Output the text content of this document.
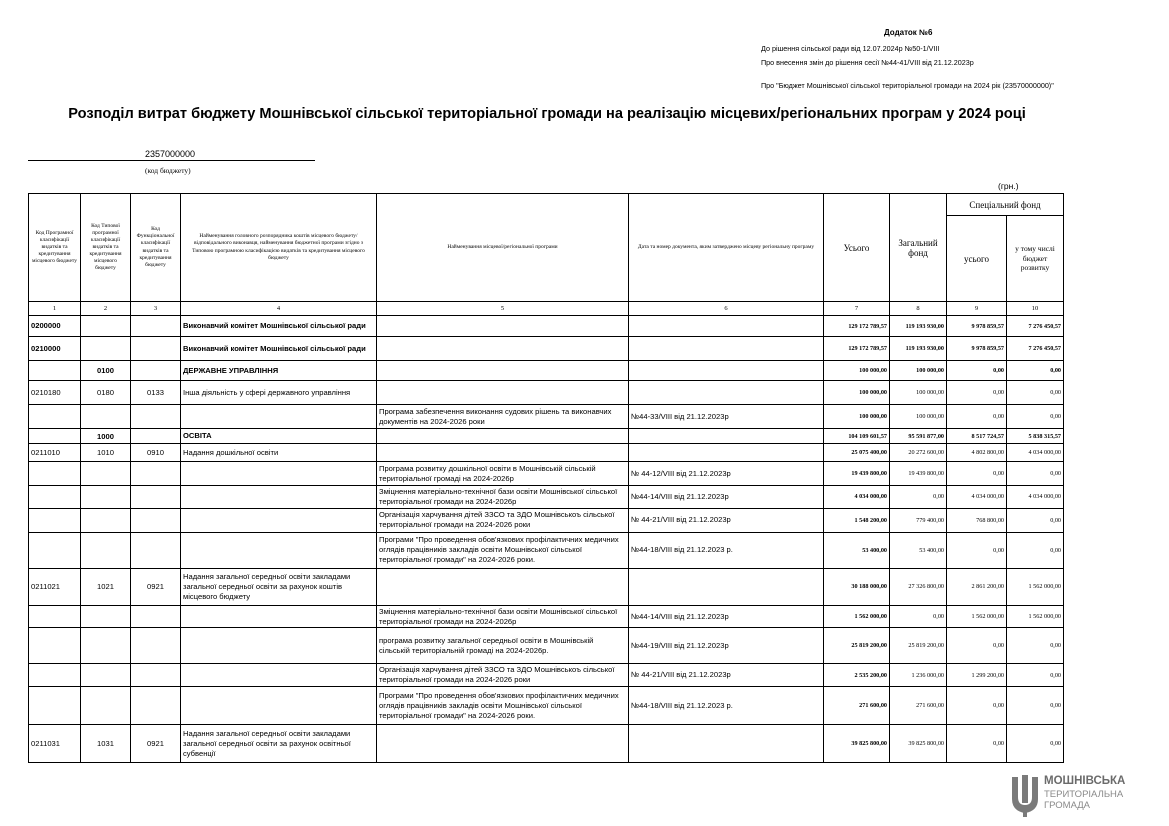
Додаток №6
До рішення сільської ради від 12.07.2024р №50-1/VIII
Про внесення змін до рішення сесії №44-41/VIII від 21.12.2023р
Про "Бюджет Мошнівської сільської територіальної громади на 2024 рік (23570000000)"
Розподіл витрат бюджету Мошнівської сільської територіальної громади на реалізацію місцевих/регіональних програм у 2024 році
2357000000
(код бюджету)
(грн.)
Код Програмної класифікації видатків та кредитування місцевого бюджету	Код Типової програмної класифікації видатків та кредитування місцевого бюджету	Код Функціональної класифікації видатків та кредитування бюджету	Найменування головного розпорядника коштів місцевого бюджету/ відповідального виконавця, найменування бюджетної програми згідно з Типовою програмною класифікацією видатків та кредитування місцевого бюджету	Найменування місцевої/регіональної програми	Дата та номер документа, яким затверджено місцеву регіональну програму	Усього	Загальний фонд	Спеціальний фонд	
								усього	у тому числі бюджет розвитку
1	2	3	4	5	6	7	8	9	10
0200000			Виконавчий комітет Мошнівської сільської ради			129 172 789,57	119 193 930,00	9 978 859,57	7 276 450,57
0210000			Виконавчий комітет Мошнівської сільської ради			129 172 789,57	119 193 930,00	9 978 859,57	7 276 450,57
	0100		ДЕРЖАВНЕ УПРАВЛІННЯ			100 000,00	100 000,00	0,00	0,00
0210180	0180	0133	Інша діяльність у сфері державного управління			100 000,00	100 000,00	0,00	0,00
				Програма забезпечення виконання судових рішень та виконавчих документів на 2024-2026 роки	№44-33/VIII від 21.12.2023р	100 000,00	100 000,00	0,00	0,00
	1000		ОСВІТА			104 109 601,57	95 591 877,00	8 517 724,57	5 838 315,57
0211010	1010	0910	Надання дошкільної освіти			25 075 400,00	20 272 600,00	4 802 800,00	4 034 000,00
				Програма розвитку дошкільної освіти в Мошнівській сільській територіальної громаді на 2024-2026р	№ 44-12/VIII від 21.12.2023р	19 439 800,00	19 439 800,00	0,00	0,00
				Зміцнення матеріально-технічної бази освіти Мошнівської сільської територіальної громади на 2024-2026р	№44-14/VIII від 21.12.2023р	4 034 000,00	0,00	4 034 000,00	4 034 000,00
				Організація харчування дітей ЗЗСО та ЗДО Мошнівськоъ сільської територіальної громади на 2024-2026 роки	№ 44-21/VIII від 21.12.2023р	1 548 200,00	779 400,00	768 800,00	0,00
				Програми "Про проведення обов'язкових профілактичних медичних оглядів працівників закладів освіти Мошнівської сільської територіальної громади" на 2024-2026 роки.	№44-18/VIII від 21.12.2023 р.	53 400,00	53 400,00	0,00	0,00
0211021	1021	0921	Надання загальної середньої освіти закладами загальної середньої освіти за рахунок коштів місцевого бюджету			30 188 000,00	27 326 800,00	2 861 200,00	1 562 000,00
				Зміцнення матеріально-технічної бази освіти Мошнівської сільської територіальної громади на 2024-2026р	№44-14/VIII від 21.12.2023р	1 562 000,00	0,00	1 562 000,00	1 562 000,00
				програма розвитку загальної середньої освіти в Мошнівській сільській територіальній громаді на 2024-2026р.	№44-19/VIII від 21.12.2023р	25 819 200,00	25 819 200,00	0,00	0,00
				Організація харчування дітей ЗЗСО та ЗДО Мошнівськоъ сільської територіальної громади на 2024-2026 роки	№ 44-21/VIII від 21.12.2023р	2 535 200,00	1 236 000,00	1 299 200,00	0,00
				Програми "Про проведення обов'язкових профілактичних медичних оглядів працівників закладів освіти Мошнівської сільської територіальної громади" на 2024-2026 роки.	№44-18/VIII від 21.12.2023 р.	271 600,00	271 600,00	0,00	0,00
0211031	1031	0921	Надання загальної середньої освіти закладами загальної середньої освіти за рахунок освітньої субвенції			39 825 800,00	39 825 800,00	0,00	0,00
МОШНІВСЬКА
ТЕРИТОРІАЛЬНА
ГРОМАДА
